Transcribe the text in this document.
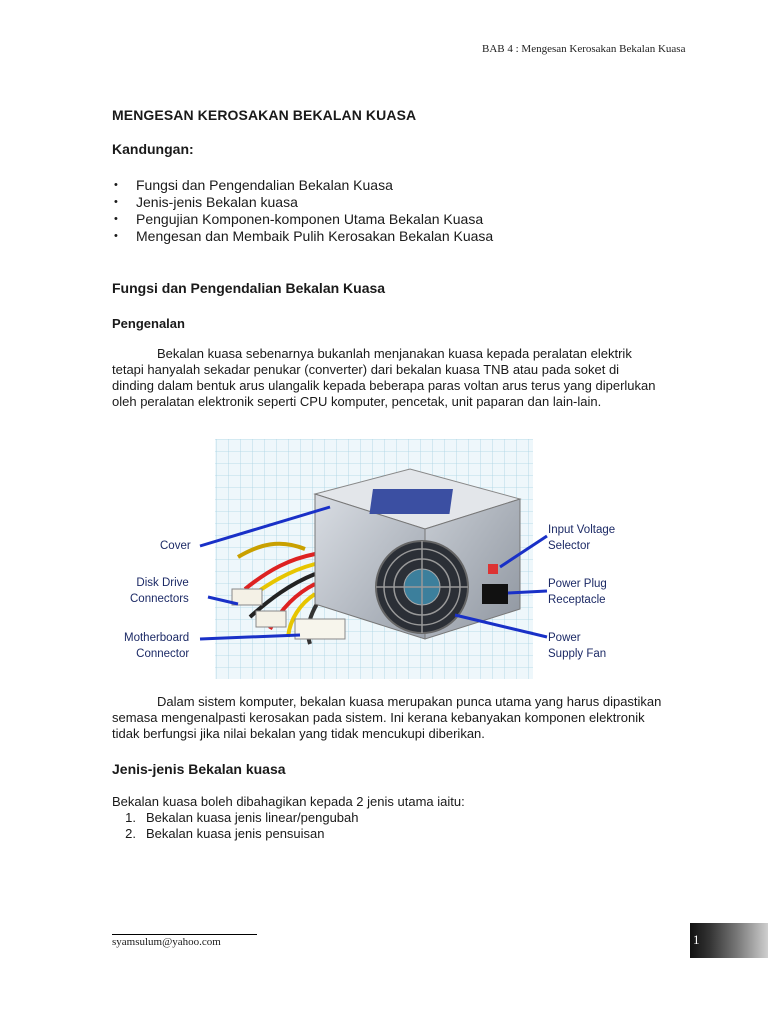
BAB 4 : Mengesan Kerosakan Bekalan Kuasa
MENGESAN KEROSAKAN BEKALAN KUASA
Kandungan:
• Fungsi dan Pengendalian Bekalan Kuasa
• Jenis-jenis Bekalan kuasa
• Pengujian Komponen-komponen Utama Bekalan Kuasa
• Mengesan dan Membaik Pulih Kerosakan Bekalan Kuasa
Fungsi dan Pengendalian Bekalan Kuasa
Pengenalan

Bekalan kuasa sebenarnya bukanlah menjanakan kuasa kepada peralatan elektrik tetapi hanyalah sekadar penukar (converter) dari bekalan kuasa TNB atau pada soket di dinding dalam bentuk arus ulangalik kepada beberapa paras voltan arus terus yang diperlukan oleh peralatan elektronik seperti CPU komputer, pencetak, unit paparan dan lain-lain.

Cover
Disk Drive
Connectors
Motherboard
Connector
Input Voltage
Selector
Power Plug
Receptacle
Power
Supply Fan

Dalam sistem komputer, bekalan kuasa merupakan punca utama yang harus dipastikan semasa mengenalpasti kerosakan pada sistem. Ini kerana kebanyakan komponen elektronik tidak berfungsi jika nilai bekalan yang tidak mencukupi diberikan.

Jenis-jenis Bekalan kuasa
Bekalan kuasa boleh dibahagikan kepada 2 jenis utama iaitu:
1. Bekalan kuasa jenis linear/pengubah
2. Bekalan kuasa jenis pensuisan
syamsulum@yahoo.com	1
